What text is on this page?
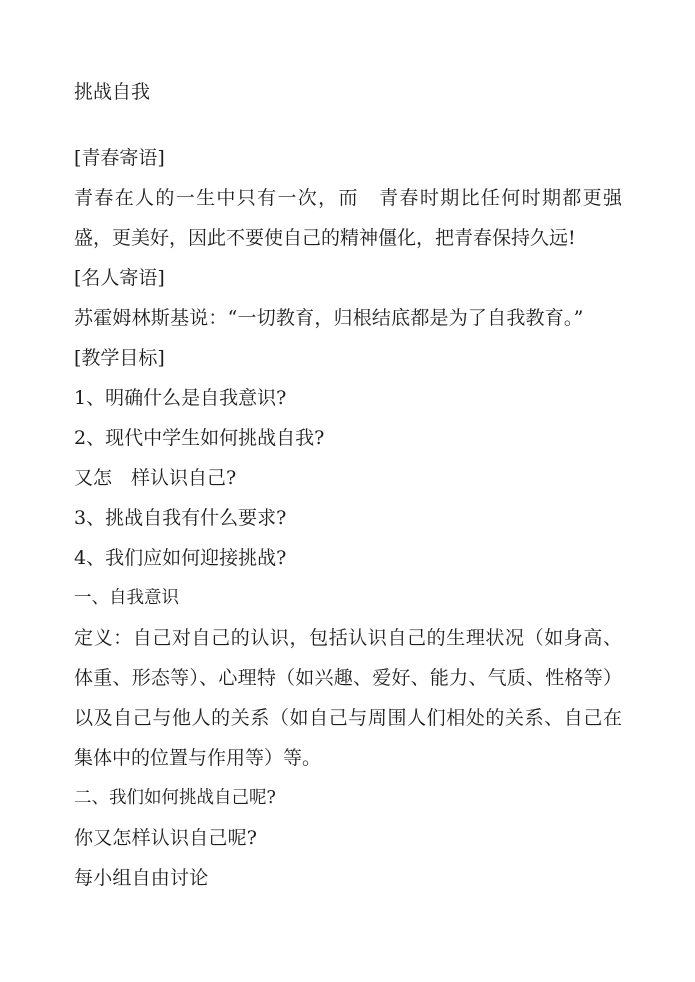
挑战自我
[青春寄语]
青春在人的一生中只有一次，而　青春时期比任何时期都更强盛，更美好，因此不要使自己的精神僵化，把青春保持久远!
[名人寄语]
苏霍姆林斯基说：“一切教育，归根结底都是为了自我教育。”
[教学目标]
1、明确什么是自我意识?
2、现代中学生如何挑战自我?
又怎　样认识自己?
3、挑战自我有什么要求?
4、我们应如何迎接挑战?
一、自我意识
定义：自己对自己的认识，包括认识自己的生理状况（如身高、体重、形态等）、心理特（如兴趣、爱好、能力、气质、性格等）以及自己与他人的关系（如自己与周围人们相处的关系、自己在集体中的位置与作用等）等。
二、我们如何挑战自己呢?
你又怎样认识自己呢?
每小组自由讨论
